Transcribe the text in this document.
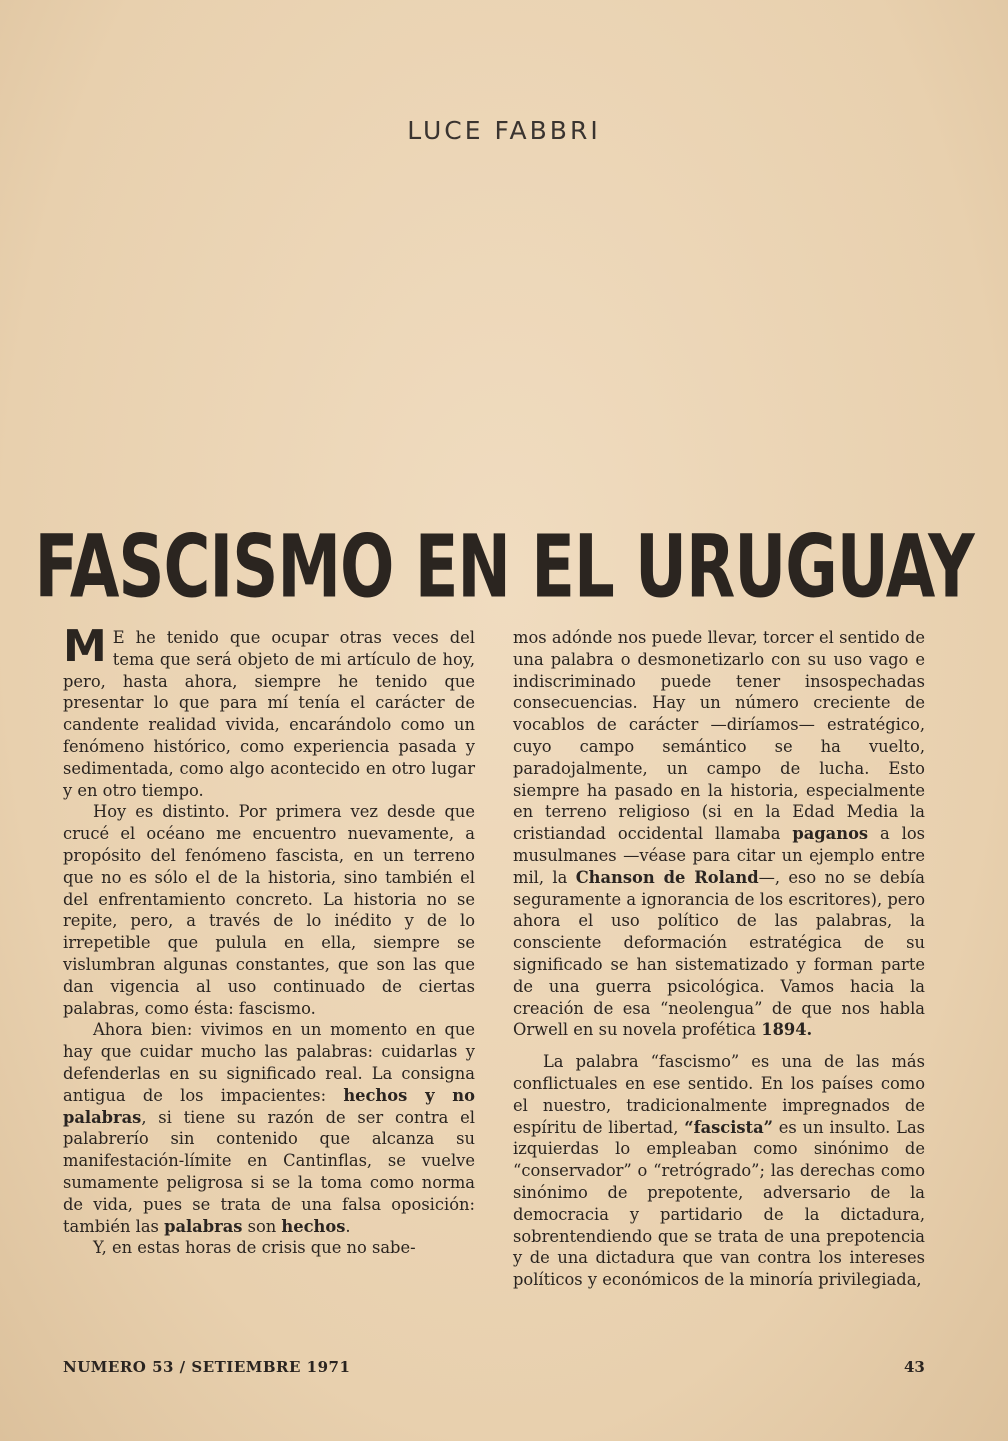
LUCE FABBRI
FASCISMO EN EL URUGUAY

M E he tenido que ocupar otras veces del tema que será objeto de mi artículo de hoy, pero, hasta ahora, siempre he tenido que presentar lo que para mí tenía el carácter de candente realidad vivida, encarándolo como un fenómeno histórico, como experiencia pasada y sedimentada, como algo acontecido en otro lugar y en otro tiempo.

Hoy es distinto. Por primera vez desde que crucé el océano me encuentro nuevamente, a propósito del fenómeno fascista, en un terreno que no es sólo el de la historia, sino también el del enfrentamiento concreto. La historia no se repite, pero, a través de lo inédito y de lo irrepetible que pulula en ella, siempre se vislumbran algunas constantes, que son las que dan vigencia al uso continuado de ciertas palabras, como ésta: fascismo.

Ahora bien: vivimos en un momento en que hay que cuidar mucho las palabras: cuidarlas y defenderlas en su significado real. La consigna antigua de los impacientes: hechos y no palabras, si tiene su razón de ser contra el palabrerío sin contenido que alcanza su manifestación-límite en Cantinflas, se vuelve sumamente peligrosa si se la toma como norma de vida, pues se trata de una falsa oposición: también las palabras son hechos.

Y, en estas horas de crisis que no sabe-

mos adónde nos puede llevar, torcer el sentido de una palabra o desmonetizarlo con su uso vago e indiscriminado puede tener insospechadas consecuencias. Hay un número creciente de vocablos de carácter —diríamos— estratégico, cuyo campo semántico se ha vuelto, paradojalmente, un campo de lucha. Esto siempre ha pasado en la historia, especialmente en terreno religioso (si en la Edad Media la cristiandad occidental llamaba paganos a los musulmanes —véase para citar un ejemplo entre mil, la Chanson de Roland—, eso no se debía seguramente a ignorancia de los escritores), pero ahora el uso político de las palabras, la consciente deformación estratégica de su significado se han sistematizado y forman parte de una guerra psicológica. Vamos hacia la creación de esa “neolengua” de que nos habla Orwell en su novela profética 1894.

La palabra “fascismo” es una de las más conflictuales en ese sentido. En los países como el nuestro, tradicionalmente impregnados de espíritu de libertad, “fascista” es un insulto. Las izquierdas lo empleaban como sinónimo de “conservador” o “retrógrado”; las derechas como sinónimo de prepotente, adversario de la democracia y partidario de la dictadura, sobrentendiendo que se trata de una prepotencia y de una dictadura que van contra los intereses políticos y económicos de la minoría privilegiada,

NUMERO 53 / SETIEMBRE 1971	43
